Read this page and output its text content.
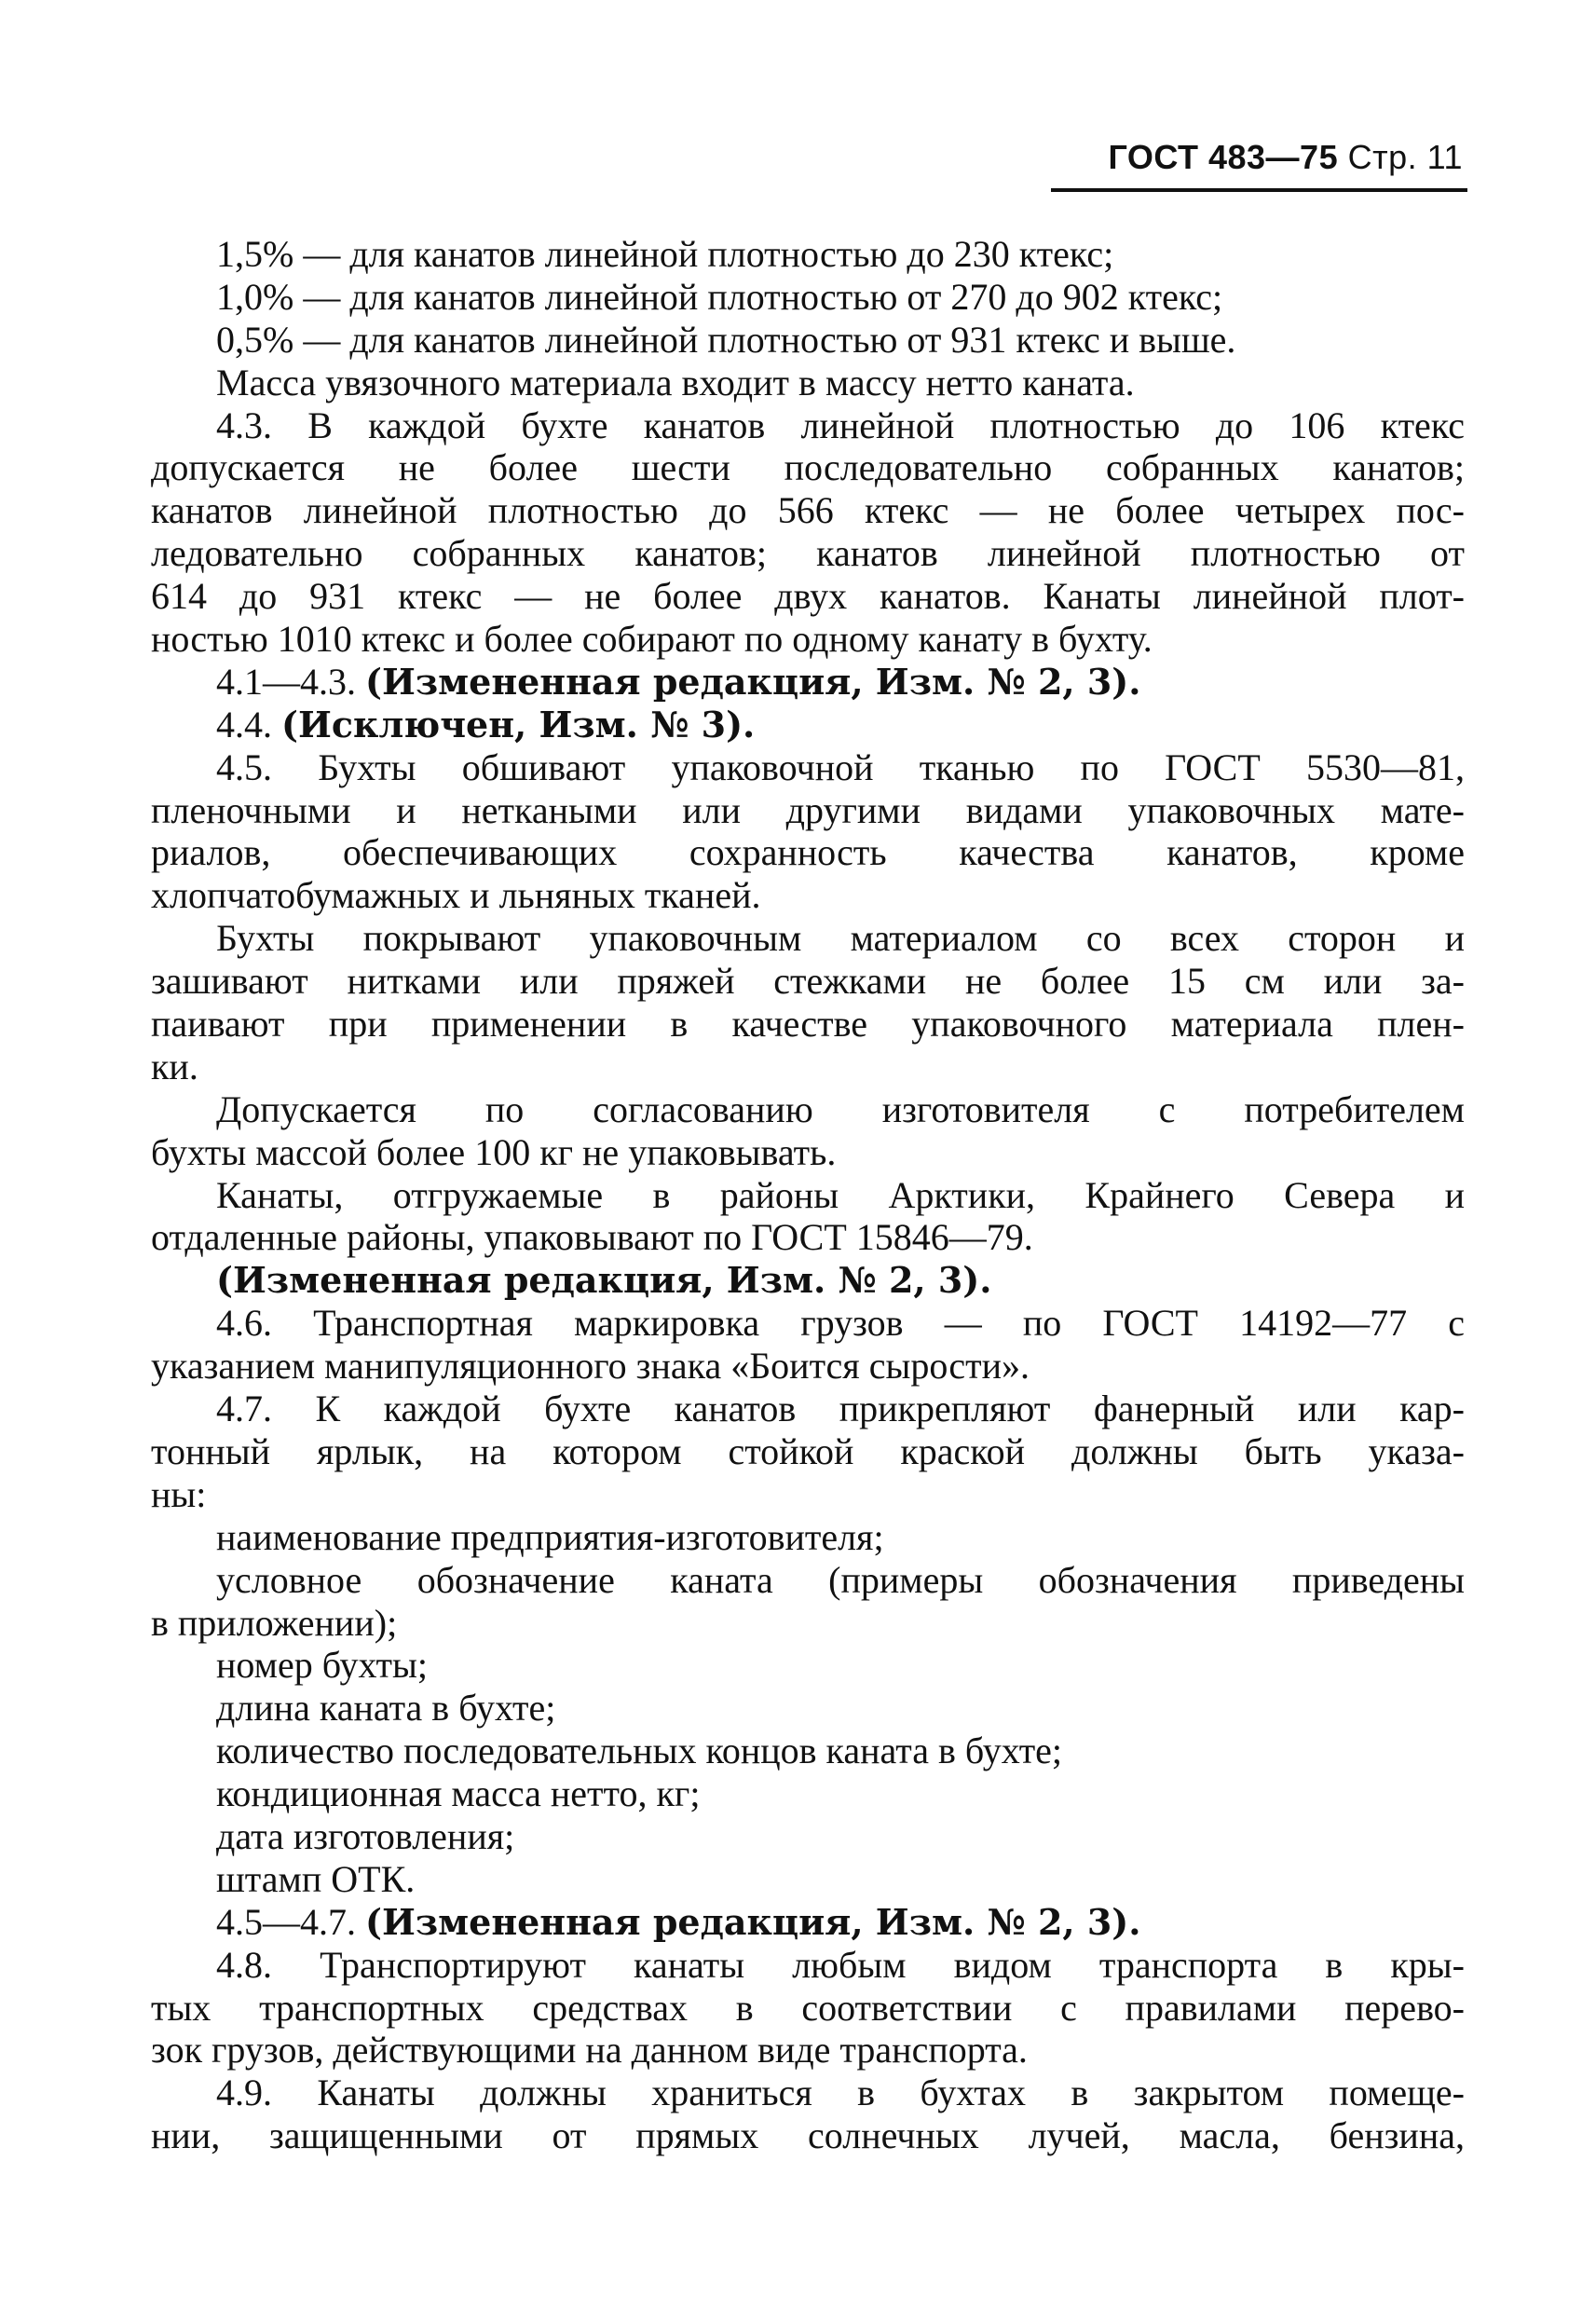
ГОСТ 483—75 Стр. 11
1,5% — для канатов линейной плотностью до 230 ктекс;
1,0% — для канатов линейной плотностью от 270 до 902 ктекс;
0,5% — для канатов линейной плотностью от 931 ктекс и выше.
Масса увязочного материала входит в массу нетто каната.
4.3. В каждой бухте канатов линейной плотностью до 106 ктекс
допускается не более шести последовательно собранных канатов;
канатов линейной плотностью до 566 ктекс — не более четырех пос-
ледовательно собранных канатов; канатов линейной плотностью от
614 до 931 ктекс — не более двух канатов. Канаты линейной плот-
ностью 1010 ктекс и более собирают по одному канату в бухту.
4.1—4.3. (Измененная редакция, Изм. № 2, 3).
4.4. (Исключен, Изм. № 3).
4.5. Бухты обшивают упаковочной тканью по ГОСТ 5530—81,
пленочными и неткаными или другими видами упаковочных мате-
риалов, обеспечивающих сохранность качества канатов, кроме
хлопчатобумажных и льняных тканей.
Бухты покрывают упаковочным материалом со всех сторон и
зашивают нитками или пряжей стежками не более 15 см или за-
паивают при применении в качестве упаковочного материала плен-
ки.
Допускается по согласованию изготовителя с потребителем
бухты массой более 100 кг не упаковывать.
Канаты, отгружаемые в районы Арктики, Крайнего Севера и
отдаленные районы, упаковывают по ГОСТ 15846—79.
(Измененная редакция, Изм. № 2, 3).
4.6. Транспортная маркировка грузов — по ГОСТ 14192—77 с
указанием манипуляционного знака «Боится сырости».
4.7. К каждой бухте канатов прикрепляют фанерный или кар-
тонный ярлык, на котором стойкой краской должны быть указа-
ны:
наименование предприятия-изготовителя;
условное обозначение каната (примеры обозначения приведены
в приложении);
номер бухты;
длина каната в бухте;
количество последовательных концов каната в бухте;
кондиционная масса нетто, кг;
дата изготовления;
штамп ОТК.
4.5—4.7. (Измененная редакция, Изм. № 2, 3).
4.8. Транспортируют канаты любым видом транспорта в кры-
тых транспортных средствах в соответствии с правилами перево-
зок грузов, действующими на данном виде транспорта.
4.9. Канаты должны храниться в бухтах в закрытом помеще-
нии, защищенными от прямых солнечных лучей, масла, бензина,
